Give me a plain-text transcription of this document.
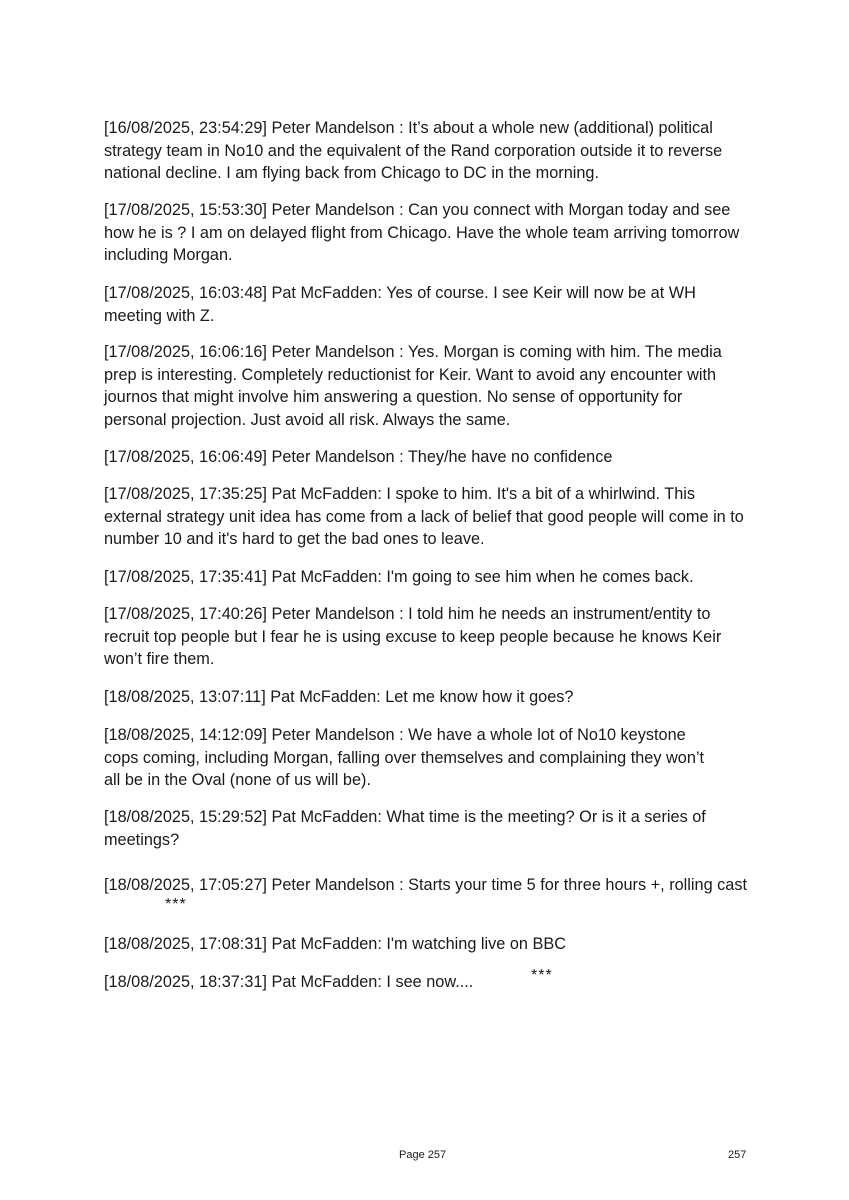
[16/08/2025, 23:54:29] Peter Mandelson : It’s about a whole new (additional) political strategy team in No10 and the equivalent of the Rand corporation outside it to reverse national decline. I am flying back from Chicago to DC in the morning.

[17/08/2025, 15:53:30] Peter Mandelson : Can you connect with Morgan today and see how he is ? I am on delayed flight from Chicago. Have the whole team arriving tomorrow including Morgan.

[17/08/2025, 16:03:48] Pat McFadden: Yes of course. I see Keir will now be at WH meeting with Z.

[17/08/2025, 16:06:16] Peter Mandelson : Yes. Morgan is coming with him. The media prep is interesting. Completely reductionist for Keir. Want to avoid any encounter with journos that might involve him answering a question. No sense of opportunity for personal projection. Just avoid all risk. Always the same.

[17/08/2025, 16:06:49] Peter Mandelson : They/he have no confidence

[17/08/2025, 17:35:25] Pat McFadden: I spoke to him. It's a bit of a whirlwind. This external strategy unit idea has come from a lack of belief that good people will come in to number 10 and it's hard to get the bad ones to leave.

[17/08/2025, 17:35:41] Pat McFadden: I'm going to see him when he comes back.

[17/08/2025, 17:40:26] Peter Mandelson : I told him he needs an instrument/entity to recruit top people but I fear he is using excuse to keep people because he knows Keir won’t fire them.

[18/08/2025, 13:07:11] Pat McFadden: Let me know how it goes?

[18/08/2025, 14:12:09] Peter Mandelson : We have a whole lot of No10 keystone cops coming, including Morgan, falling over themselves and complaining they won’t all be in the Oval (none of us will be).

[18/08/2025, 15:29:52] Pat McFadden: What time is the meeting? Or is it a series of meetings?

[18/08/2025, 17:05:27] Peter Mandelson : Starts your time 5 for three hours +, rolling cast

[18/08/2025, 17:08:31] Pat McFadden: I'm watching live on BBC

[18/08/2025, 18:37:31] Pat McFadden: I see now....

***
***
Page 257	257
